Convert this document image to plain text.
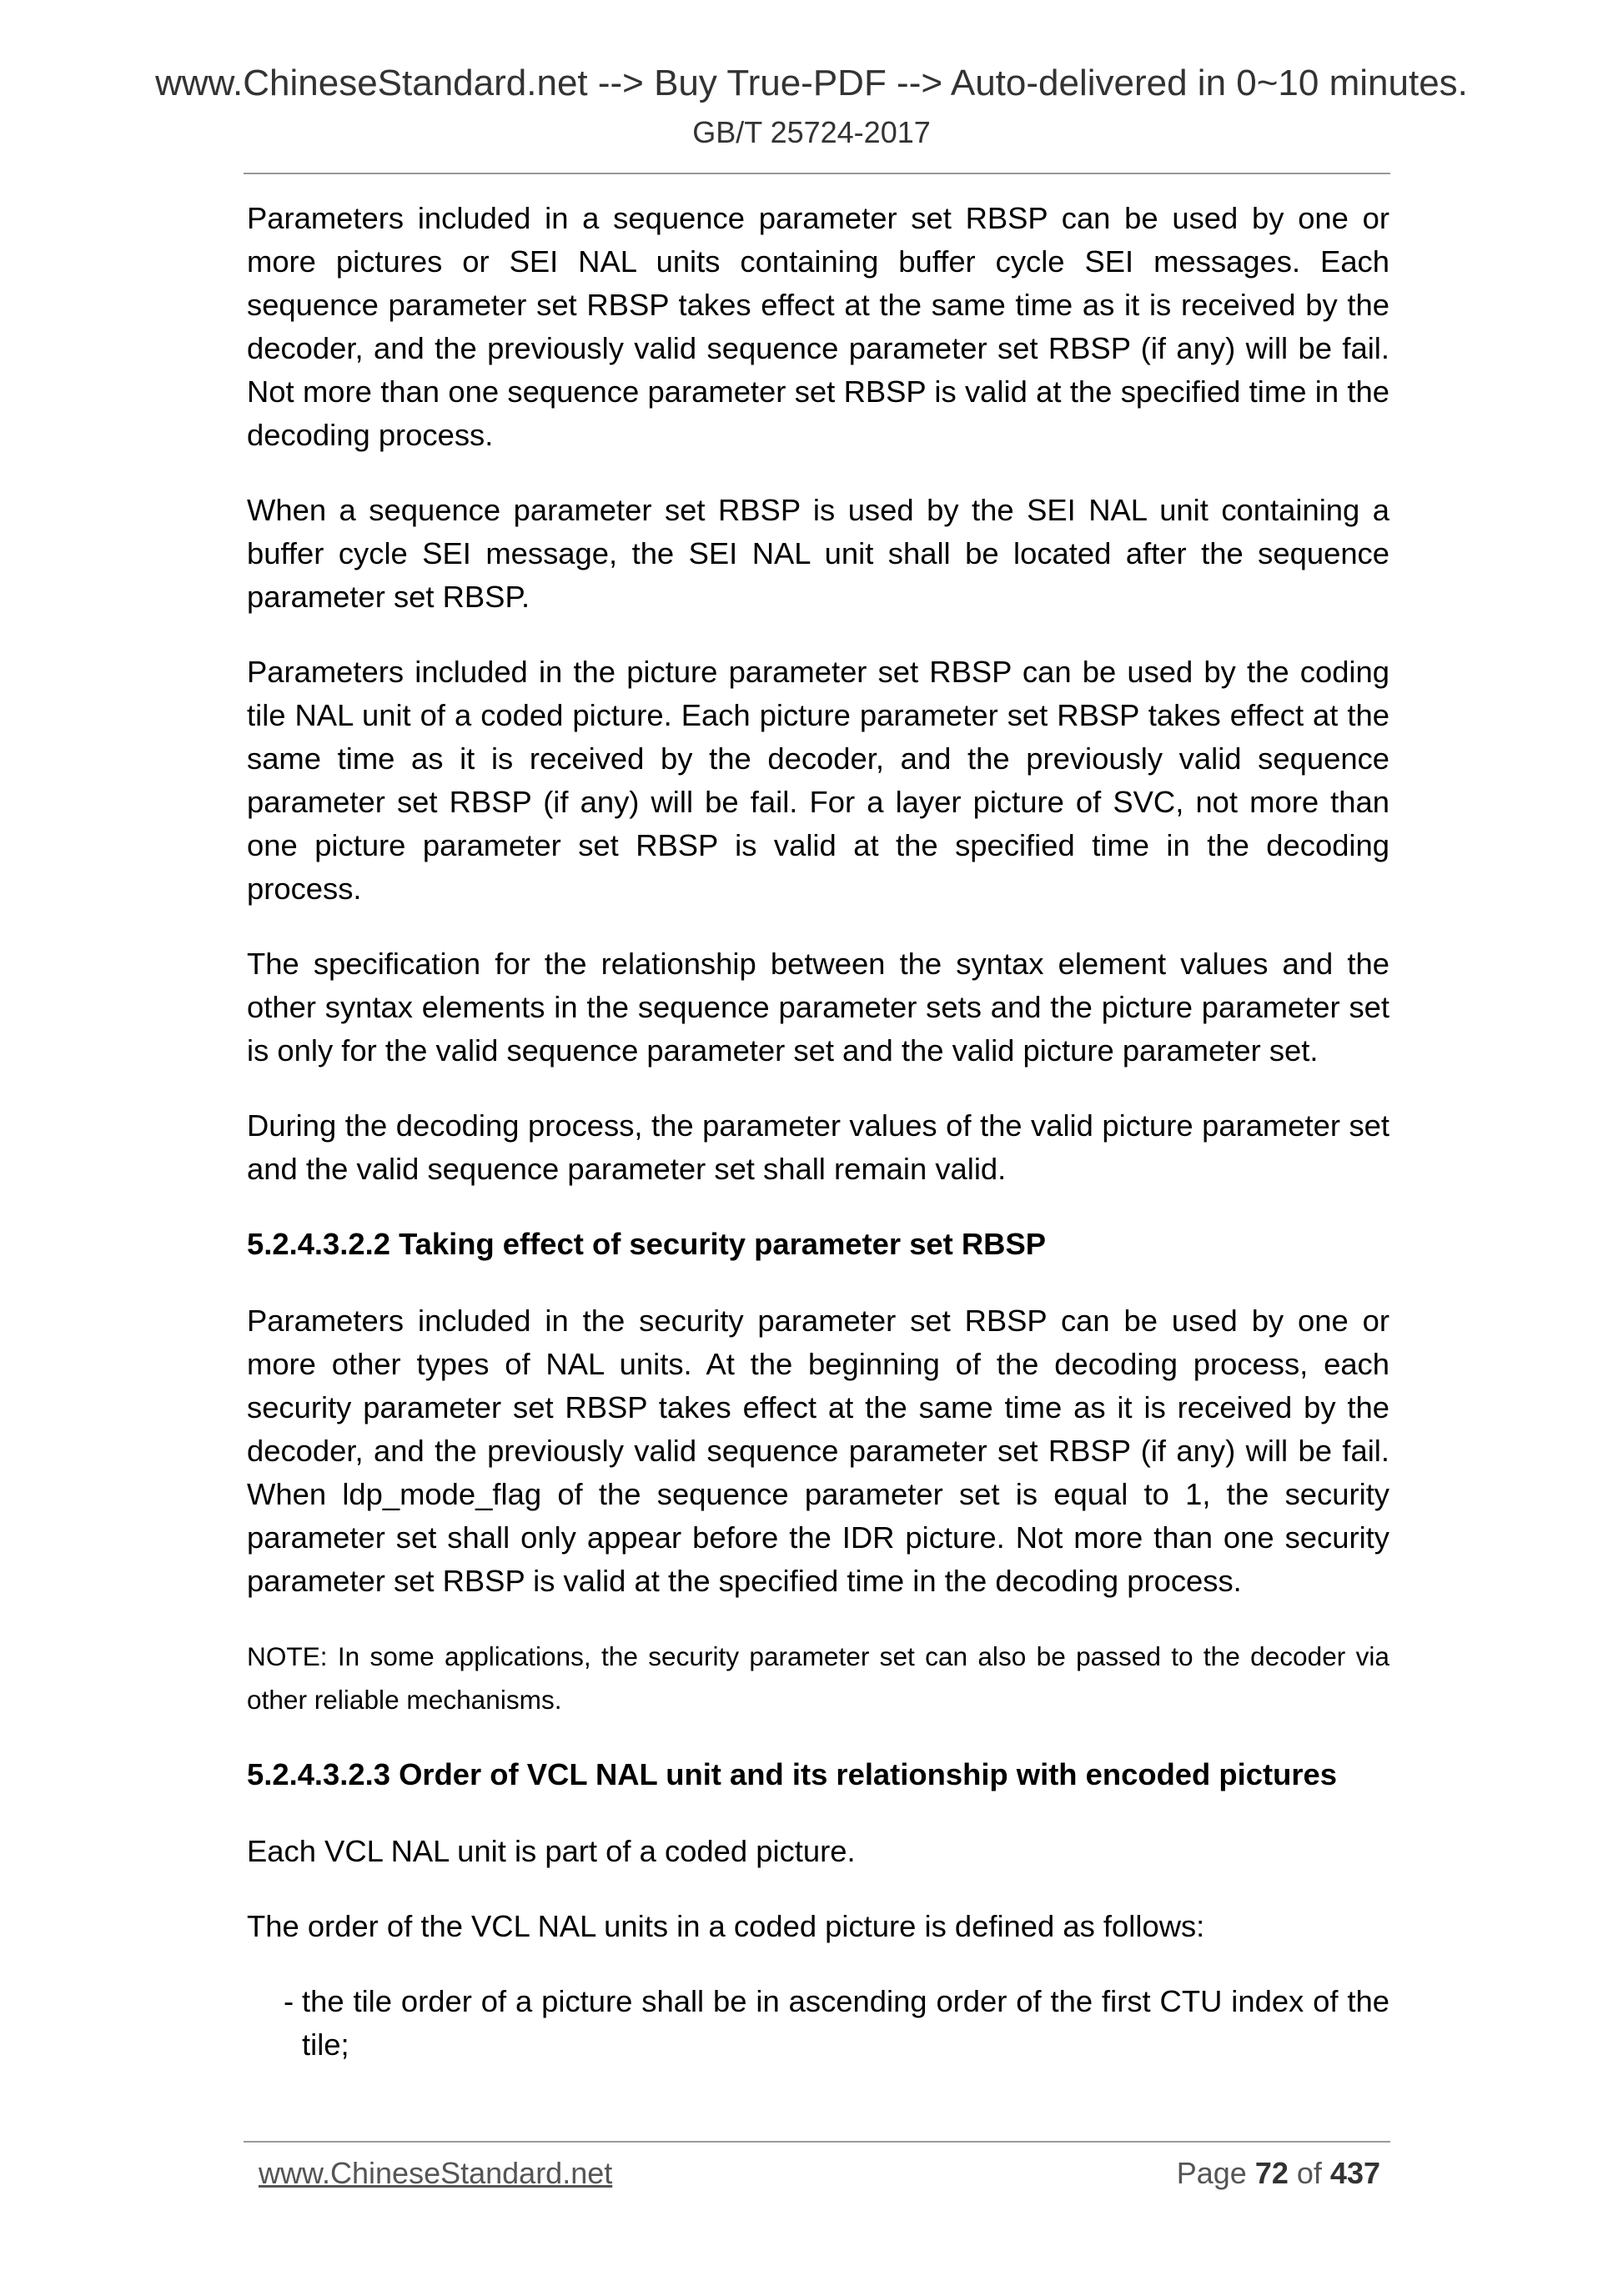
www.ChineseStandard.net --> Buy True-PDF --> Auto-delivered in 0~10 minutes.
GB/T 25724-2017

Parameters included in a sequence parameter set RBSP can be used by one or more pictures or SEI NAL units containing buffer cycle SEI messages. Each sequence parameter set RBSP takes effect at the same time as it is received by the decoder, and the previously valid sequence parameter set RBSP (if any) will be fail. Not more than one sequence parameter set RBSP is valid at the specified time in the decoding process.

When a sequence parameter set RBSP is used by the SEI NAL unit containing a buffer cycle SEI message, the SEI NAL unit shall be located after the sequence parameter set RBSP.

Parameters included in the picture parameter set RBSP can be used by the coding tile NAL unit of a coded picture. Each picture parameter set RBSP takes effect at the same time as it is received by the decoder, and the previously valid sequence parameter set RBSP (if any) will be fail. For a layer picture of SVC, not more than one picture parameter set RBSP is valid at the specified time in the decoding process.

The specification for the relationship between the syntax element values and the other syntax elements in the sequence parameter sets and the picture parameter set is only for the valid sequence parameter set and the valid picture parameter set.

During the decoding process, the parameter values of the valid picture parameter set and the valid sequence parameter set shall remain valid.

5.2.4.3.2.2 Taking effect of security parameter set RBSP

Parameters included in the security parameter set RBSP can be used by one or more other types of NAL units. At the beginning of the decoding process, each security parameter set RBSP takes effect at the same time as it is received by the decoder, and the previously valid sequence parameter set RBSP (if any) will be fail. When ldp_mode_flag of the sequence parameter set is equal to 1, the security parameter set shall only appear before the IDR picture. Not more than one security parameter set RBSP is valid at the specified time in the decoding process.

NOTE: In some applications, the security parameter set can also be passed to the decoder via other reliable mechanisms.

5.2.4.3.2.3 Order of VCL NAL unit and its relationship with encoded pictures

Each VCL NAL unit is part of a coded picture.

The order of the VCL NAL units in a coded picture is defined as follows:

- the tile order of a picture shall be in ascending order of the first CTU index of the tile;
www.ChineseStandard.net	Page 72 of 437
